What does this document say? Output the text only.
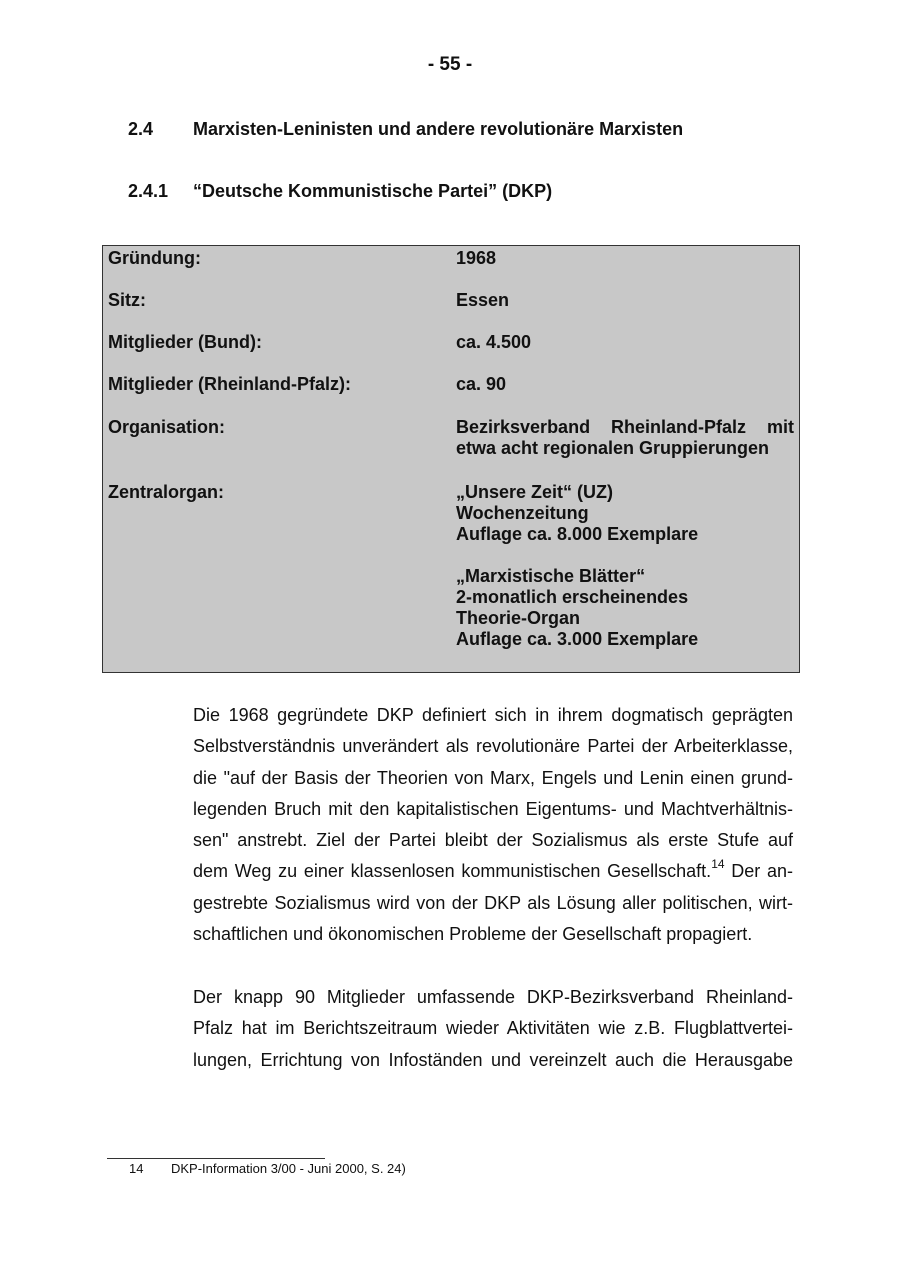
- 55 -
2.4 Marxisten-Leninisten und andere revolutionäre Marxisten
2.4.1 “Deutsche Kommunistische Partei” (DKP)
Gründung:	1968
Sitz:	Essen
Mitglieder (Bund):	ca. 4.500
Mitglieder (Rheinland-Pfalz):	ca. 90
Organisation:	Bezirksverband Rheinland-Pfalz mit
etwa acht regionalen Gruppierungen
Zentralorgan:	„Unsere Zeit“ (UZ)
Wochenzeitung
Auflage ca. 8.000 Exemplare
„Marxistische Blätter“
2-monatlich erscheinendes
Theorie-Organ
Auflage ca. 3.000 Exemplare
Die 1968 gegründete DKP definiert sich in ihrem dogmatisch geprägten
Selbstverständnis unverändert als revolutionäre Partei der Arbeiterklasse,
die "auf der Basis der Theorien von Marx, Engels und Lenin einen grund-
legenden Bruch mit den kapitalistischen Eigentums- und Machtverhältnis-
sen" anstrebt. Ziel der Partei bleibt der Sozialismus als erste Stufe auf
dem Weg zu einer klassenlosen kommunistischen Gesellschaft.$^{14}$ Der an-
gestrebte Sozialismus wird von der DKP als Lösung aller politischen, wirt-
schaftlichen und ökonomischen Probleme der Gesellschaft propagiert.
Der knapp 90 Mitglieder umfassende DKP-Bezirksverband Rheinland-
Pfalz hat im Berichtszeitraum wieder Aktivitäten wie z.B. Flugblattvertei-
lungen, Errichtung von Infoständen und vereinzelt auch die Herausgabe
14 DKP-Information 3/00 - Juni 2000, S. 24)
